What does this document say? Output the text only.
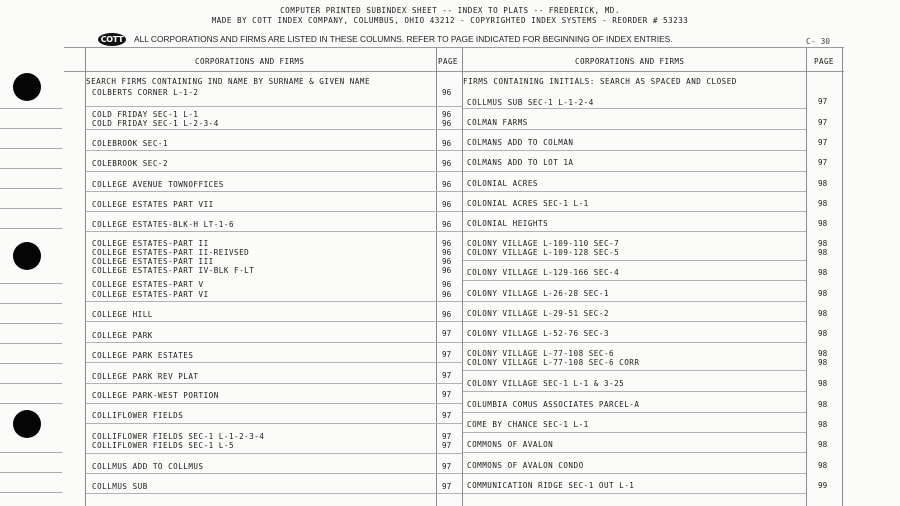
COMPUTER PRINTED SUBINDEX SHEET -- INDEX TO PLATS -- FREDERICK, MD.
MADE BY COTT INDEX COMPANY, COLUMBUS, OHIO 43212 - COPYRIGHTED INDEX SYSTEMS - REORDER # 53233
COTT	ALL CORPORATIONS AND FIRMS ARE LISTED IN THESE COLUMNS. REFER TO PAGE INDICATED FOR BEGINNING OF INDEX ENTRIES.	C- 30
CORPORATIONS AND FIRMS	PAGE	CORPORATIONS AND FIRMS	PAGE
SEARCH FIRMS CONTAINING IND NAME BY SURNAME & GIVEN NAME
COLBERTS CORNER L-1-2	96
COLD FRIDAY SEC-1 L-1	96
COLD FRIDAY SEC-1 L-2-3-4	96
COLEBROOK SEC-1	96
COLEBROOK SEC-2	96
COLLEGE AVENUE TOWNOFFICES	96
COLLEGE ESTATES PART VII	96
COLLEGE ESTATES-BLK-H LT-1-6	96
COLLEGE ESTATES-PART II	96
COLLEGE ESTATES-PART II-REIVSED	96
COLLEGE ESTATES-PART III	96
COLLEGE ESTATES-PART IV-BLK F-LT	96
COLLEGE ESTATES-PART V	96
COLLEGE ESTATES-PART VI	96
COLLEGE HILL	96
COLLEGE PARK	97
COLLEGE PARK ESTATES	97
COLLEGE PARK REV PLAT	97
COLLEGE PARK-WEST PORTION	97
COLLIFLOWER FIELDS	97
COLLIFLOWER FIELDS SEC-1 L-1-2-3-4	97
COLLIFLOWER FIELDS SEC-1 L-5	97
COLLMUS ADD TO COLLMUS	97
COLLMUS SUB	97
FIRMS CONTAINING INITIALS: SEARCH AS SPACED AND CLOSED
COLLMUS SUB SEC-1 L-1-2-4	97
COLMAN FARMS	97
COLMANS ADD TO COLMAN	97
COLMANS ADD TO LOT 1A	97
COLONIAL ACRES	98
COLONIAL ACRES SEC-1 L-1	98
COLONIAL HEIGHTS	98
COLONY VILLAGE L-109-110 SEC-7	98
COLONY VILLAGE L-109-128 SEC-5	98
COLONY VILLAGE L-129-166 SEC-4	98
COLONY VILLAGE L-26-28 SEC-1	98
COLONY VILLAGE L-29-51 SEC-2	98
COLONY VILLAGE L-52-76 SEC-3	98
COLONY VILLAGE L-77-108 SEC-6	98
COLONY VILLAGE L-77-108 SEC-6 CORR	98
COLONY VILLAGE SEC-1 L-1 & 3-25	98
COLUMBIA COMUS ASSOCIATES PARCEL-A	98
COME BY CHANCE SEC-1 L-1	98
COMMONS OF AVALON	98
COMMONS OF AVALON CONDO	98
COMMUNICATION RIDGE SEC-1 OUT L-1	99
